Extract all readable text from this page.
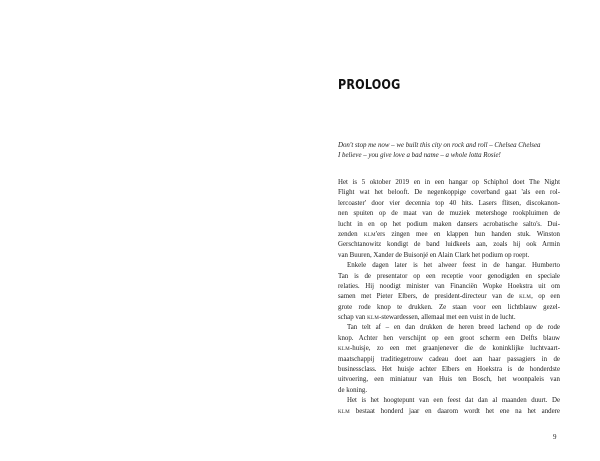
PROLOOG
Don't stop me now – we built this city on rock and roll – Chelsea Chelsea
I believe – you give love a bad name – a whole lotta Rosie!
Het is 5 oktober 2019 en in een hangar op Schiphol doet The Night
Flight wat het belooft. De negenkoppige coverband gaat 'als een rol-
lercoaster' door vier decennia top 40 hits. Lasers flitsen, discokanon-
nen spuiten op de maat van de muziek metershoge rookpluimen de
lucht in en op het podium maken dansers acrobatische salto's. Dui-
zenden klm'ers zingen mee en klappen hun handen stuk. Winston
Gerschtanowitz kondigt de band luidkeels aan, zoals hij ook Armin
van Buuren, Xander de Buisonjé en Alain Clark het podium op roept.
Enkele dagen later is het alweer feest in de hangar. Humberto
Tan is de presentator op een receptie voor genodigden en speciale
relaties. Hij noodigt minister van Financiën Wopke Hoekstra uit om
samen met Pieter Elbers, de president-directeur van de klm, op een
grote rode knop te drukken. Ze staan voor een lichtblauw gezel-
schap van klm-stewardessen, allemaal met een vuist in de lucht.
Tan telt af – en dan drukken de heren breed lachend op de rode
knop. Achter hen verschijnt op een groot scherm een Delfts blauw
klm-huisje, zo een met graanjenever die de koninklijke luchtvaart-
maatschappij traditiegetrouw cadeau doet aan haar passagiers in de
businessclass. Het huisje achter Elbers en Hoekstra is de honderdste
uitvoering, een miniatuur van Huis ten Bosch, het woonpaleis van
de koning.
Het is het hoogtepunt van een feest dat dan al maanden duurt. De
klm bestaat honderd jaar en daarom wordt het ene na het andere
9
